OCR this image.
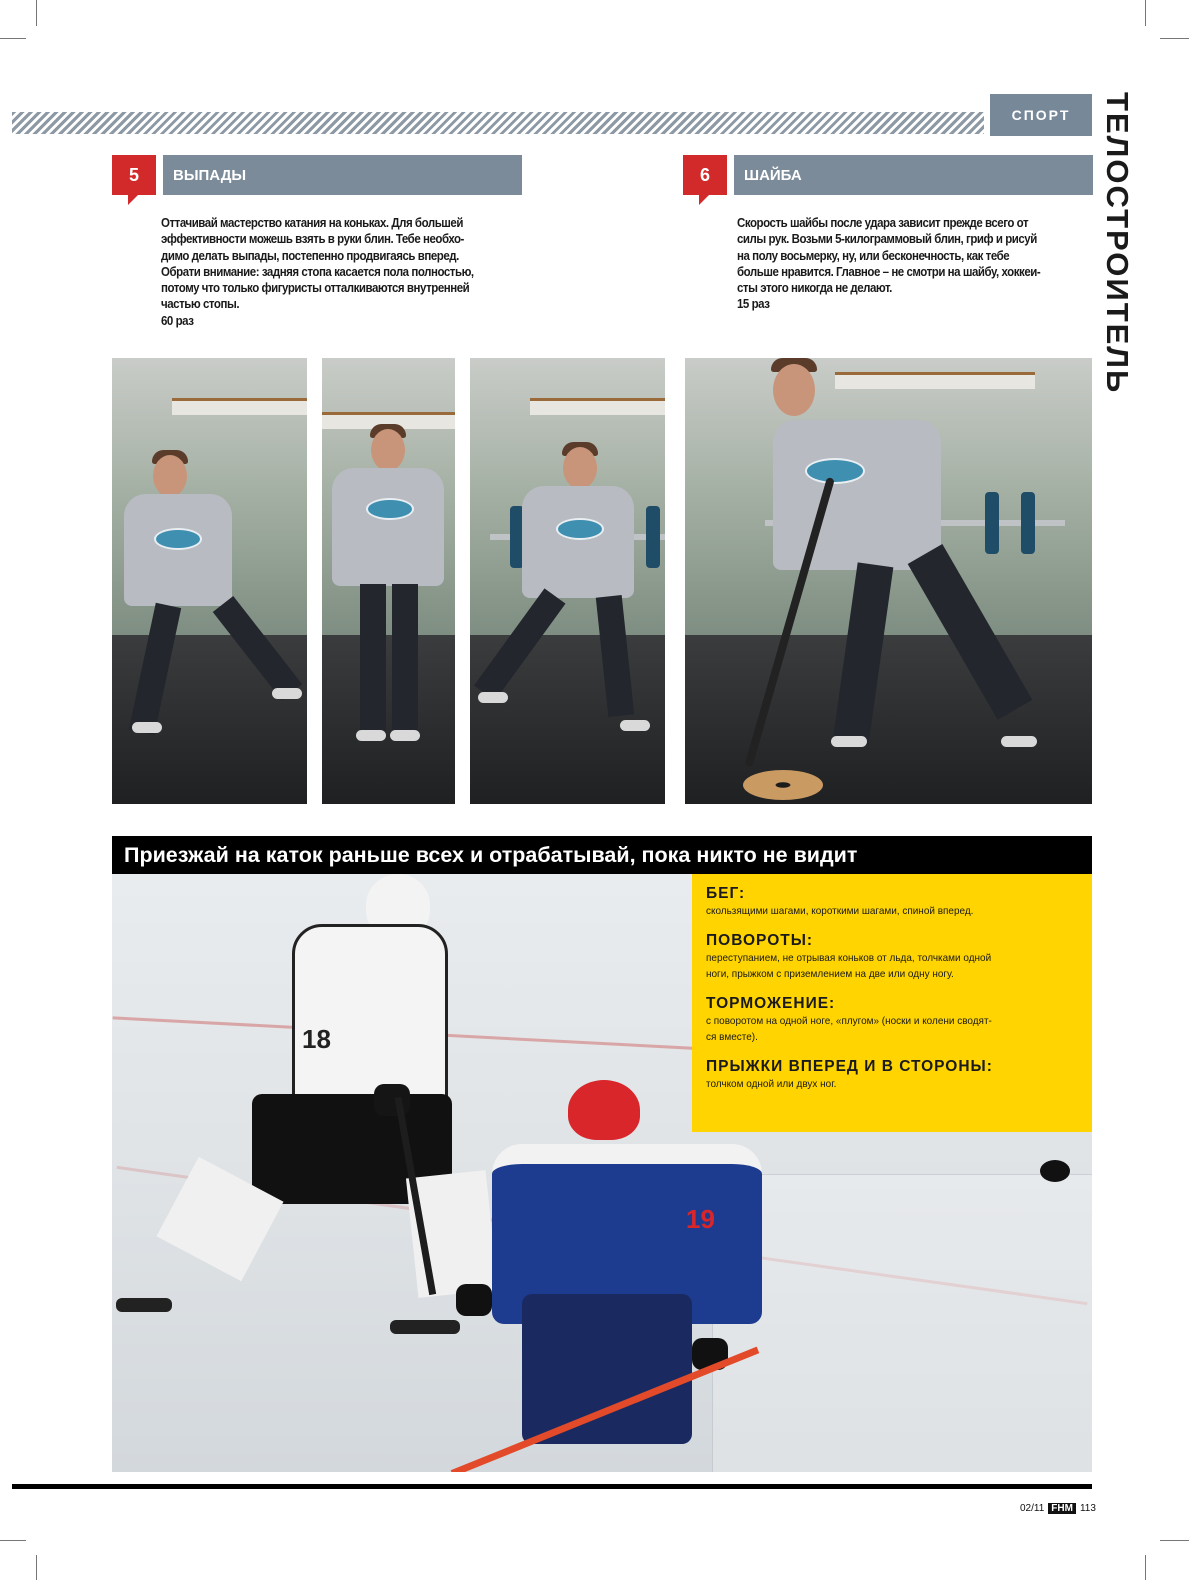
СПОРТ ТЕЛОСТРОИТЕЛЬ
5	ВЫПАДЫ
Оттачивай мастерство катания на коньках. Для большей
эффективности можешь взять в руки блин. Тебе необхо-
димо делать выпады, постепенно продвигаясь вперед.
Обрати внимание: задняя стопа касается пола полностью,
потому что только фигуристы отталкиваются внутренней
частью стопы.
60 раз
6	ШАЙБА
Скорость шайбы после удара зависит прежде всего от
силы рук. Возьми 5-килограммовый блин, гриф и рисуй
на полу восьмерку, ну, или бесконечность, как тебе
больше нравится. Главное – не смотри на шайбу, хоккеи-
сты этого никогда не делают.
15 раз
Приезжай на каток раньше всех и отрабатывай, пока никто не видит
18
19
БЕГ:
скользящими шагами, короткими шагами, спиной вперед.
ПОВОРОТЫ:
переступанием, не отрывая коньков от льда, толчками одной
ноги, прыжком с приземлением на две или одну ногу.
ТОРМОЖЕНИЕ:
с поворотом на одной ноге, «плугом» (носки и колени сводят-
ся вместе).
ПРЫЖКИ ВПЕРЕД И В СТОРОНЫ:
толчком одной или двух ног.
02/11 FHM 113
